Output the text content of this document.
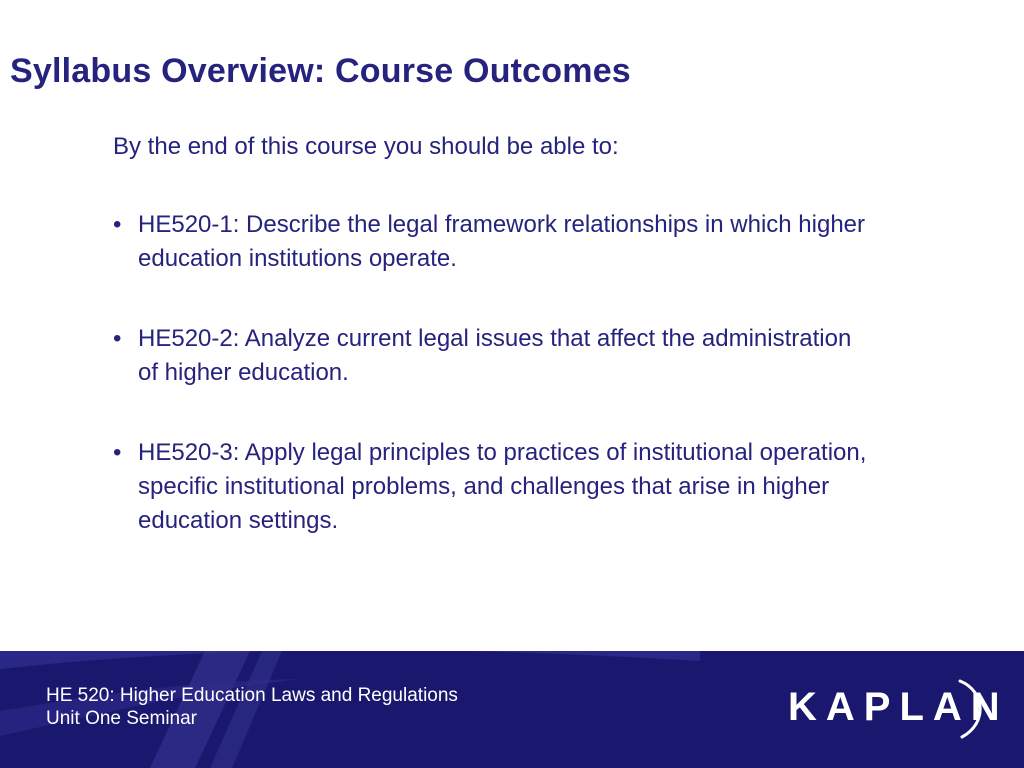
Syllabus Overview: Course Outcomes

By the end of this course you should be able to:

• HE520-1: Describe the legal framework relationships in which higher education institutions operate.
• HE520-2: Analyze current legal issues that affect the administration of higher education.
• HE520-3: Apply legal principles to practices of institutional operation, specific institutional problems, and challenges that arise in higher education settings.
HE 520: Higher Education Laws and Regulations
Unit One Seminar	KAPLAN
